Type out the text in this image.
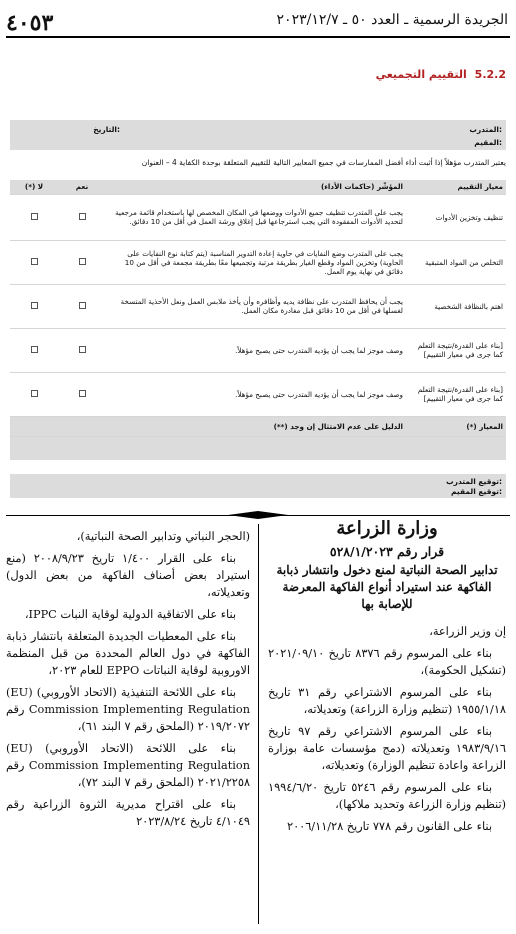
٤٠٥٣	الجريدة الرسمية ـ العدد ٥٠ ـ ٢٠٢٣/١٢/٧
5.2.2 التقييم التجميعي
المتدرب:
التاريخ:
المقيم:
يعتبر المتدرب مؤهلاً إذا أثبت أداء أفضل الممارسات في جميع المعايير التالية للتقييم المتعلقة بوحدة الكفاية 4 – العنوان
معيار التقييم	المؤشّر (حاكمات الأداء)	نعم	لا (*)
تنظيف وتخزين الأدوات	يجب على المتدرب تنظيف جميع الأدوات ووضعها في المكان المخصص لها باستخدام قائمة مرجعية لتحديد الأدوات المفقودة التي يجب استرجاعها قبل إغلاق ورشة العمل في أقل من 10 دقائق.		
التخلص من المواد المتبقية	يجب على المتدرب وضع النفايات في حاوية إعادة التدوير المناسبة (يتم كتابة نوع النفايات على الحاوية) وتخزين المواد وقطع الغيار بطريقة مرتبة وتجميعها معًا بطريقة مجمعة في أقل من 10 دقائق في نهاية يوم العمل.		
اهتم بالنظافة الشخصية	يجب أن يحافظ المتدرب على نظافة يديه وأظافره وأن يأخذ ملابس العمل ونعل الأحذية المتسخة لغسلها في أقل من 10 دقائق قبل مغادرة مكان العمل.		
[بناء على القدرة/نتيجة التعلم كما جرى في معيار التقييم]	وصف موجز لما يجب أن يؤديه المتدرب حتى يصبح مؤهلاً.		
[بناء على القدرة/نتيجة التعلم كما جرى في معيار التقييم]	وصف موجز لما يجب أن يؤديه المتدرب حتى يصبح مؤهلاً.		
المعيار (*)	الدليل على عدم الامتثال إن وجد (**)		

توقيع المتدرب:
توقيع المقيم:
وزارة الزراعة
قرار رقم ٥٢٨/١/٢٠٢٣
تدابير الصحة النباتية لمنع دخول وانتشار ذبابة الفاكهة عند استيراد أنواع الفاكهة المعرضة للإصابة بها

إن وزير الزراعة،

بناء على المرسوم رقم ٨٣٧٦ تاريخ ٢٠٢١/٠٩/١٠ (تشكيل الحكومة)،

بناء على المرسوم الاشتراعي رقم ٣١ تاريخ ١٩٥٥/١/١٨ (تنظيم وزارة الزراعة) وتعديلاته،

بناء على المرسوم الاشتراعي رقم ٩٧ تاريخ ١٩٨٣/٩/١٦ وتعديلاته (دمج مؤسسات عامة بوزارة الزراعة واعادة تنظيم الوزارة) وتعديلاته،

بناء على المرسوم رقم ٥٢٤٦ تاريخ ١٩٩٤/٦/٢٠ (تنظيم وزارة الزراعة وتحديد ملاكها)،

بناء على القانون رقم ٧٧٨ تاريخ ٢٠٠٦/١١/٢٨

(الحجر النباتي وتدابير الصحة النباتية)،

بناء على القرار ١/٤٠٠ تاريخ ٢٠٠٨/٩/٢٣ (منع استيراد بعض أصناف الفاكهة من بعض الدول) وتعديلاته،

بناء على الاتفاقية الدولية لوقاية النبات IPPC،

بناء على المعطيات الجديدة المتعلقة بانتشار ذبابة الفاكهة في دول العالم المحددة من قبل المنظمة الاوروبية لوقاية النباتات EPPO للعام ٢٠٢٣،

بناء على اللائحة التنفيذية (الاتحاد الأوروبي) (EU) Commission Implementing Regulation رقم ٢٠١٩/٢٠٧٢ (الملحق رقم ٧ البند ٦١)،

بناء على اللائحة (الاتحاد الأوروبي) (EU) Commission Implementing Regulation رقم ٢٠٢١/٢٢٥٨ (الملحق رقم ٧ البند ٧٢)،

بناء على اقتراح مديرية الثروة الزراعية رقم ٤/١٠٤٩ تاريخ ٢٠٢٣/٨/٢٤
